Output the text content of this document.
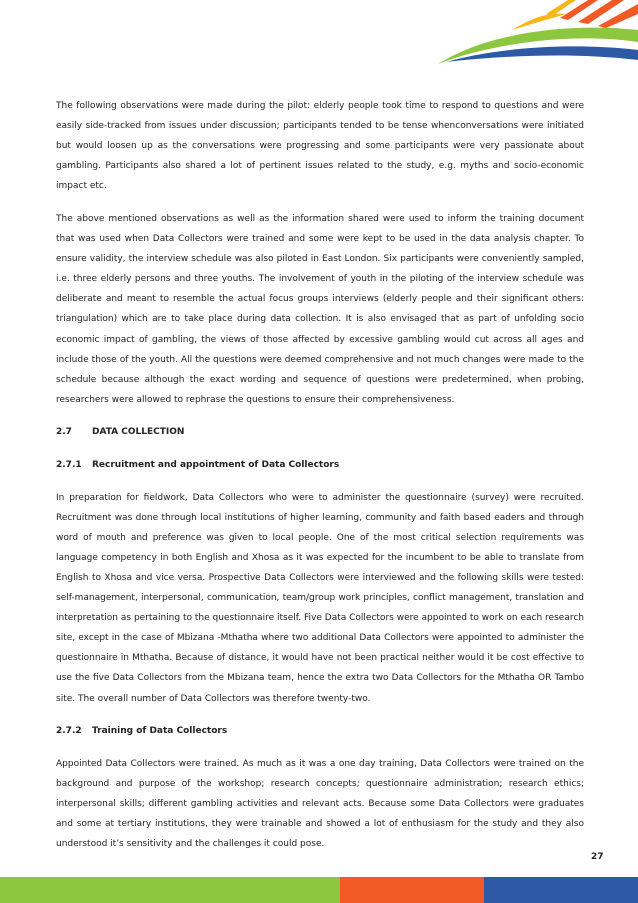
The following observations were made during the pilot: elderly people took time to respond to questions and were easily side-tracked from issues under discussion; participants tended to be tense whenconversations were initiated but would loosen up as the conversations were progressing and some participants were very passionate about gambling. Participants also shared a lot of pertinent issues related to the study, e.g. myths and socio-economic impact etc.

The above mentioned observations as well as the information shared were used to inform the training document that was used when Data Collectors were trained and some were kept to be used in the data analysis chapter. To ensure validity, the interview schedule was also piloted in East London. Six participants were conveniently sampled, i.e. three elderly persons and three youths. The involvement of youth in the piloting of the interview schedule was deliberate and meant to resemble the actual focus groups interviews (elderly people and their significant others: triangulation) which are to take place during data collection. It is also envisaged that as part of unfolding socio economic impact of gambling, the views of those affected by excessive gambling would cut across all ages and include those of the youth. All the questions were deemed comprehensive and not much changes were made to the schedule because although the exact wording and sequence of questions were predetermined, when probing, researchers were allowed to rephrase the questions to ensure their comprehensiveness.

2.7 DATA COLLECTION

2.7.1 Recruitment and appointment of Data Collectors

In preparation for fieldwork, Data Collectors who were to administer the questionnaire (survey) were recruited. Recruitment was done through local institutions of higher learning, community and faith based eaders and through word of mouth and preference was given to local people. One of the most critical selection requirements was language competency in both English and Xhosa as it was expected for the incumbent to be able to translate from English to Xhosa and vice versa. Prospective Data Collectors were interviewed and the following skills were tested: self-management, interpersonal, communication, team/group work principles, conflict management, translation and interpretation as pertaining to the questionnaire itself. Five Data Collectors were appointed to work on each research site, except in the case of Mbizana -Mthatha where two additional Data Collectors were appointed to administer the questionnaire in Mthatha. Because of distance, it would have not been practical neither would it be cost effective to use the five Data Collectors from the Mbizana team, hence the extra two Data Collectors for the Mthatha OR Tambo site. The overall number of Data Collectors was therefore twenty-two.

2.7.2 Training of Data Collectors

Appointed Data Collectors were trained. As much as it was a one day training, Data Collectors were trained on the background and purpose of the workshop; research concepts; questionnaire administration; research ethics; interpersonal skills; different gambling activities and relevant acts. Because some Data Collectors were graduates and some at tertiary institutions, they were trainable and showed a lot of enthusiasm for the study and they also understood it’s sensitivity and the challenges it could pose.

27
